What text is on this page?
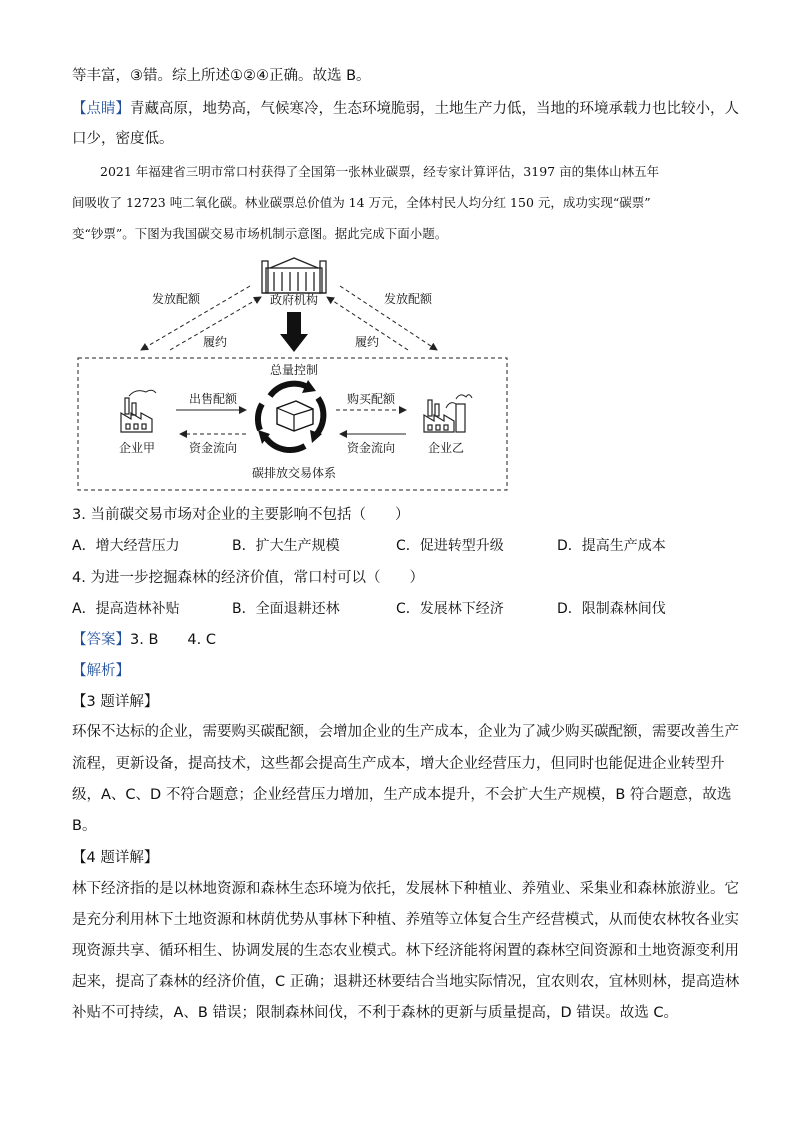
等丰富，③错。综上所述①②④正确。故选 B。
【点睛】青藏高原，地势高，气候寒冷，生态环境脆弱，土地生产力低，当地的环境承载力也比较小，人
口少，密度低。
2021 年福建省三明市常口村获得了全国第一张林业碳票，经专家计算评估，3197 亩的集体山林五年
间吸收了 12723 吨二氧化碳。林业碳票总价值为 14 万元，全体村民人均分红 150 元，成功实现“碳票”
变“钞票”。下图为我国碳交易市场机制示意图。据此完成下面小题。
政府机构
发放配额	发放配额
履约	履约
总量控制
企业甲	企业乙
出售配额	购买配额
资金流向	资金流向
碳排放交易体系
3. 当前碳交易市场对企业的主要影响不包括（　　）
A．增大经营压力	B．扩大生产规模	C．促进转型升级	D．提高生产成本
4. 为进一步挖掘森林的经济价值，常口村可以（　　）
A．提高造林补贴	B．全面退耕还林	C．发展林下经济	D．限制森林间伐
【答案】3. B　　4. C
【解析】
【3 题详解】
环保不达标的企业，需要购买碳配额，会增加企业的生产成本，企业为了减少购买碳配额，需要改善生产
流程，更新设备，提高技术，这些都会提高生产成本，增大企业经营压力，但同时也能促进企业转型升
级，A、C、D 不符合题意；企业经营压力增加，生产成本提升，不会扩大生产规模，B 符合题意，故选
B。
【4 题详解】
林下经济指的是以林地资源和森林生态环境为依托，发展林下种植业、养殖业、采集业和森林旅游业。它
是充分利用林下土地资源和林荫优势从事林下种植、养殖等立体复合生产经营模式，从而使农林牧各业实
现资源共享、循环相生、协调发展的生态农业模式。林下经济能将闲置的森林空间资源和土地资源变利用
起来，提高了森林的经济价值，C 正确；退耕还林要结合当地实际情况，宜农则农，宜林则林，提高造林
补贴不可持续，A、B 错误；限制森林间伐，不利于森林的更新与质量提高，D 错误。故选 C。
